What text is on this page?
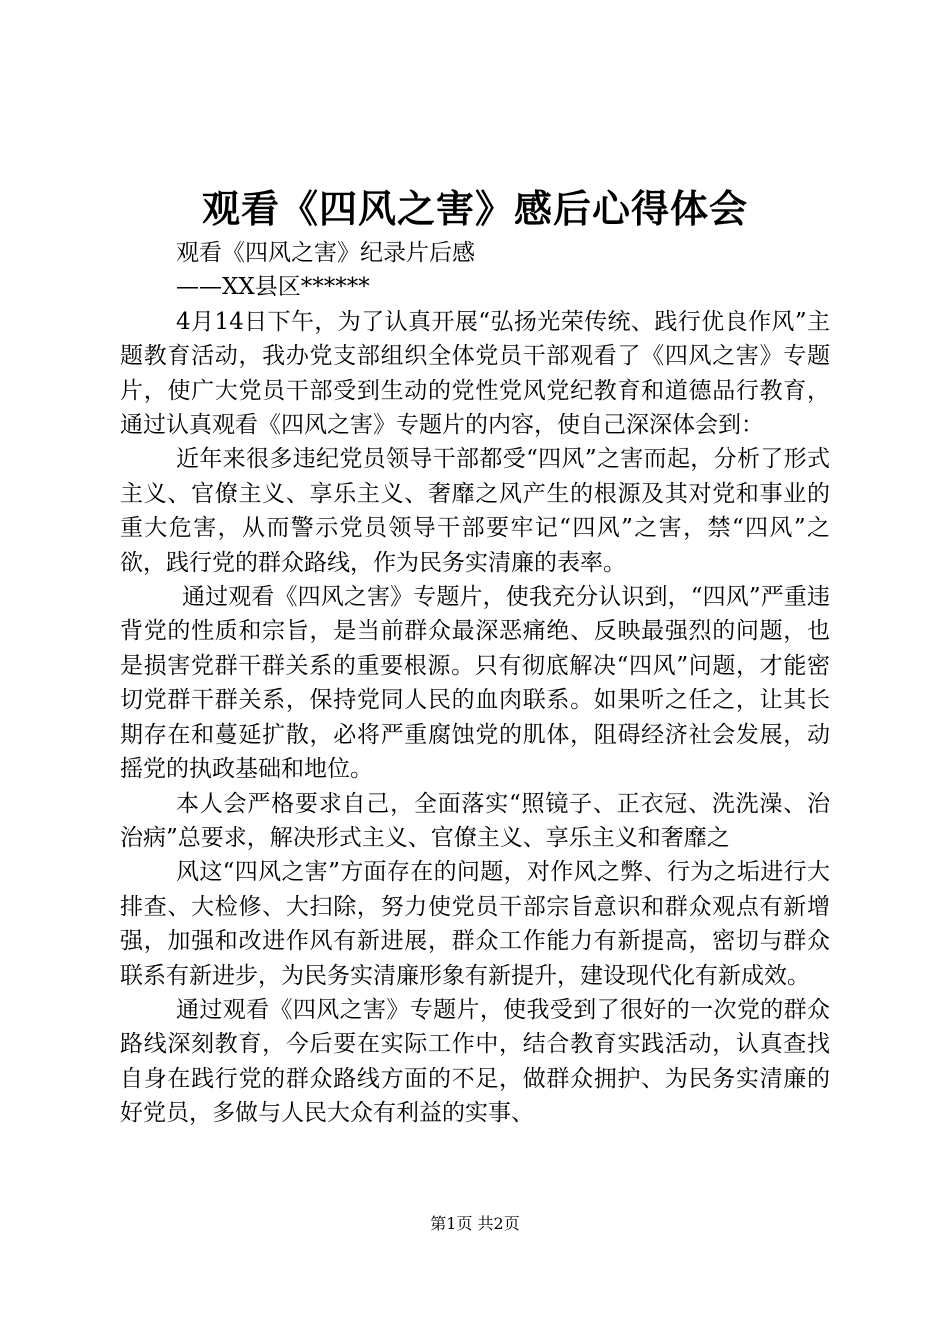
观看《四风之害》感后心得体会

观看《四风之害》纪录片后感

——XX县区******

4月14日下午，为了认真开展“弘扬光荣传统、践行优良作风”主题教育活动，我办党支部组织全体党员干部观看了《四风之害》专题片，使广大党员干部受到生动的党性党风党纪教育和道德品行教育，通过认真观看《四风之害》专题片的内容，使自己深深体会到：

近年来很多违纪党员领导干部都受“四风”之害而起，分析了形式主义、官僚主义、享乐主义、奢靡之风产生的根源及其对党和事业的重大危害，从而警示党员领导干部要牢记“四风”之害，禁“四风”之欲，践行党的群众路线，作为民务实清廉的表率。

通过观看《四风之害》专题片，使我充分认识到，“四风”严重违背党的性质和宗旨，是当前群众最深恶痛绝、反映最强烈的问题，也是损害党群干群关系的重要根源。只有彻底解决“四风”问题，才能密切党群干群关系，保持党同人民的血肉联系。如果听之任之，让其长期存在和蔓延扩散，必将严重腐蚀党的肌体，阻碍经济社会发展，动摇党的执政基础和地位。

本人会严格要求自己，全面落实“照镜子、正衣冠、洗洗澡、治治病”总要求，解决形式主义、官僚主义、享乐主义和奢靡之

风这“四风之害”方面存在的问题，对作风之弊、行为之垢进行大排查、大检修、大扫除，努力使党员干部宗旨意识和群众观点有新增强，加强和改进作风有新进展，群众工作能力有新提高，密切与群众联系有新进步，为民务实清廉形象有新提升，建设现代化有新成效。

通过观看《四风之害》专题片，使我受到了很好的一次党的群众路线深刻教育，今后要在实际工作中，结合教育实践活动，认真查找自身在践行党的群众路线方面的不足，做群众拥护、为民务实清廉的好党员，多做与人民大众有利益的实事、

第1页 共2页
